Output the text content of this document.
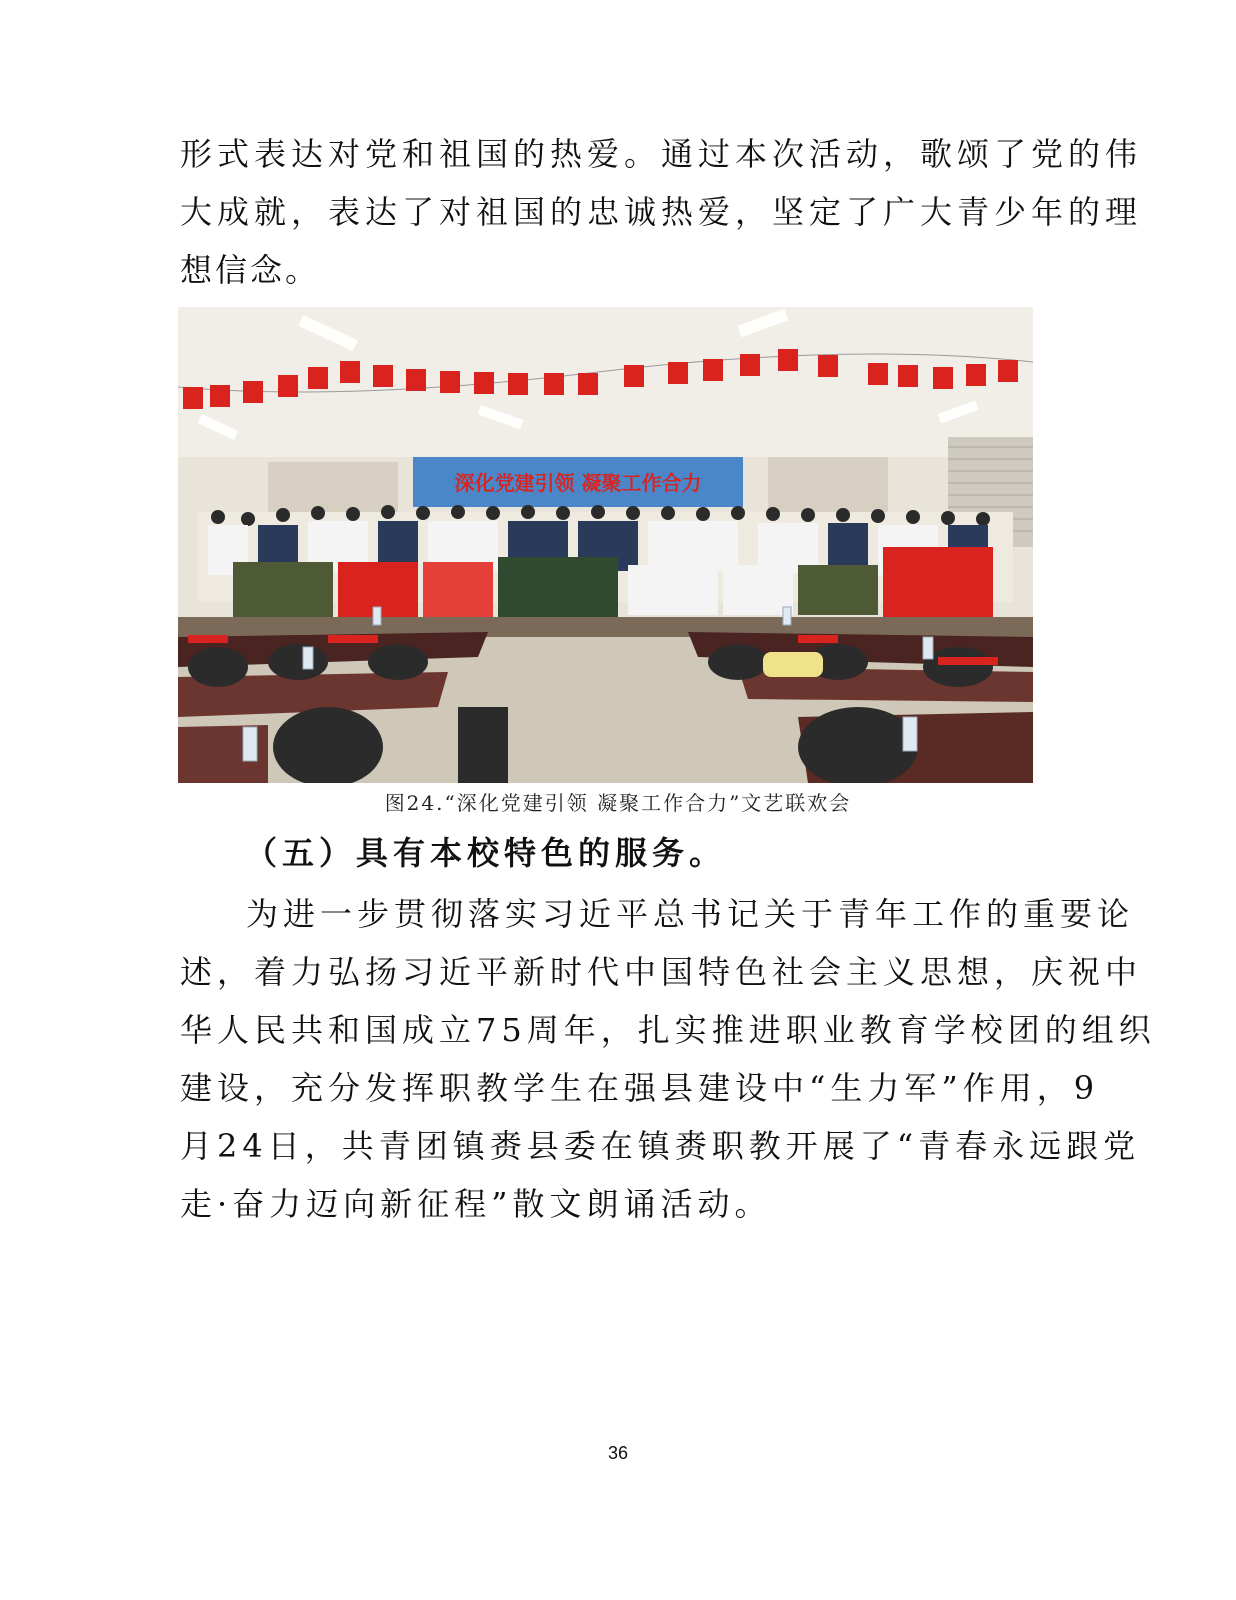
形式表达对党和祖国的热爱。通过本次活动，歌颂了党的伟
大成就，表达了对祖国的忠诚热爱，坚定了广大青少年的理
想信念。
深化党建引领 凝聚工作合力
图24.“深化党建引领 凝聚工作合力”文艺联欢会
（五）具有本校特色的服务。
为进一步贯彻落实习近平总书记关于青年工作的重要论
述，着力弘扬习近平新时代中国特色社会主义思想，庆祝中
华人民共和国成立75周年，扎实推进职业教育学校团的组织
建设，充分发挥职教学生在强县建设中“生力军”作用，9
月24日，共青团镇赉县委在镇赉职教开展了“青春永远跟党
走·奋力迈向新征程”散文朗诵活动。
36
